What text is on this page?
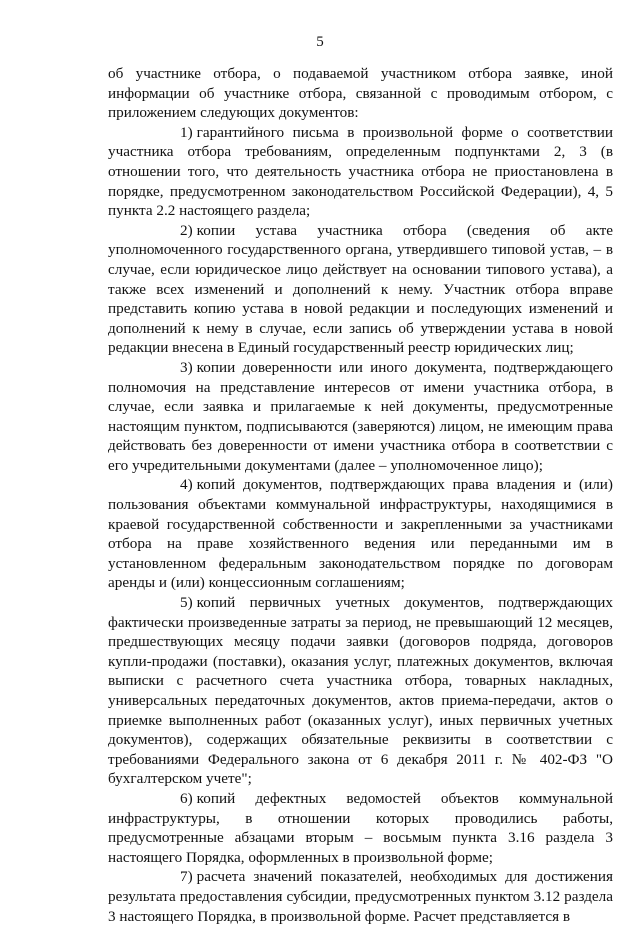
5

об участнике отбора, о подаваемой участником отбора заявке, иной информации об участнике отбора, связанной с проводимым отбором, с приложением следующих документов:

1) гарантийного письма в произвольной форме о соответствии участника отбора требованиям, определенным подпунктами 2, 3 (в отношении того, что деятельность участника отбора не приостановлена в порядке, предусмотренном законодательством Российской Федерации), 4, 5 пункта 2.2 настоящего раздела;

2) копии устава участника отбора (сведения об акте уполномоченного государственного органа, утвердившего типовой устав, – в случае, если юридическое лицо действует на основании типового устава), а также всех изменений и дополнений к нему. Участник отбора вправе представить копию устава в новой редакции и последующих изменений и дополнений к нему в случае, если запись об утверждении устава в новой редакции внесена в Единый государственный реестр юридических лиц;

3) копии доверенности или иного документа, подтверждающего полномочия на представление интересов от имени участника отбора, в случае, если заявка и прилагаемые к ней документы, предусмотренные настоящим пунктом, подписываются (заверяются) лицом, не имеющим права действовать без доверенности от имени участника отбора в соответствии с его учредительными документами (далее – уполномоченное лицо);

4) копий документов, подтверждающих права владения и (или) пользования объектами коммунальной инфраструктуры, находящимися в краевой государственной собственности и закрепленными за участниками отбора на праве хозяйственного ведения или переданными им в установленном федеральным законодательством порядке по договорам аренды и (или) концессионным соглашениям;

5) копий первичных учетных документов, подтверждающих фактически произведенные затраты за период, не превышающий 12 месяцев, предшествующих месяцу подачи заявки (договоров подряда, договоров купли-продажи (поставки), оказания услуг, платежных документов, включая выписки с расчетного счета участника отбора, товарных накладных, универсальных передаточных документов, актов приема-передачи, актов о приемке выполненных работ (оказанных услуг), иных первичных учетных документов), содержащих обязательные реквизиты в соответствии с требованиями Федерального закона от 6 декабря 2011 г. № 402-ФЗ "О бухгалтерском учете";

6) копий дефектных ведомостей объектов коммунальной инфраструктуры, в отношении которых проводились работы, предусмотренные абзацами вторым – восьмым пункта 3.16 раздела 3 настоящего Порядка, оформленных в произвольной форме;

7) расчета значений показателей, необходимых для достижения результата предоставления субсидии, предусмотренных пунктом 3.12 раздела 3 настоящего Порядка, в произвольной форме. Расчет представляется в
